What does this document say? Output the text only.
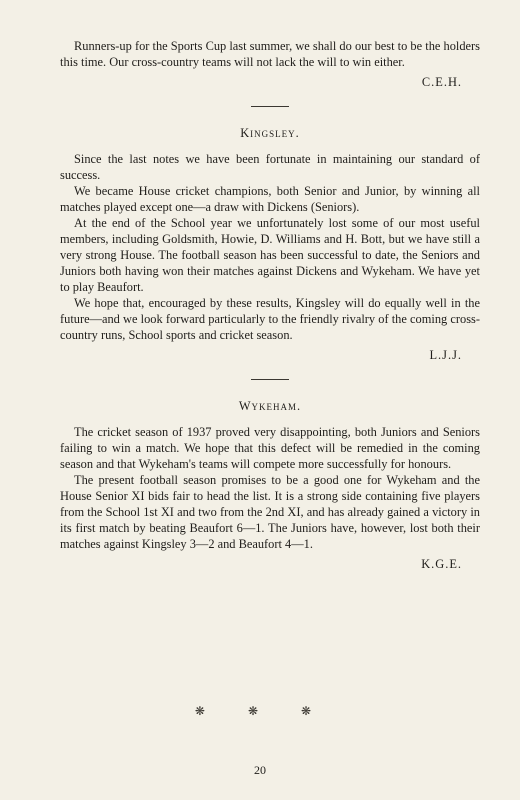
Runners-up for the Sports Cup last summer, we shall do our best to be the holders this time. Our cross-country teams will not lack the will to win either.

C.E.H.

Kingsley.

Since the last notes we have been fortunate in maintaining our standard of success.

We became House cricket champions, both Senior and Junior, by winning all matches played except one—a draw with Dickens (Seniors).

At the end of the School year we unfortunately lost some of our most useful members, including Goldsmith, Howie, D. Williams and H. Bott, but we have still a very strong House. The football season has been successful to date, the Seniors and Juniors both having won their matches against Dickens and Wykeham. We have yet to play Beaufort.

We hope that, encouraged by these results, Kingsley will do equally well in the future—and we look forward particularly to the friendly rivalry of the coming cross-country runs, School sports and cricket season.

L.J.J.

Wykeham.

The cricket season of 1937 proved very disappointing, both Juniors and Seniors failing to win a match. We hope that this defect will be remedied in the coming season and that Wykeham's teams will compete more successfully for honours.

The present football season promises to be a good one for Wykeham and the House Senior XI bids fair to head the list. It is a strong side containing five players from the School 1st XI and two from the 2nd XI, and has already gained a victory in its first match by beating Beaufort 6—1. The Juniors have, however, lost both their matches against Kingsley 3—2 and Beaufort 4—1.

K.G.E.

❋ ❋ ❋
20
